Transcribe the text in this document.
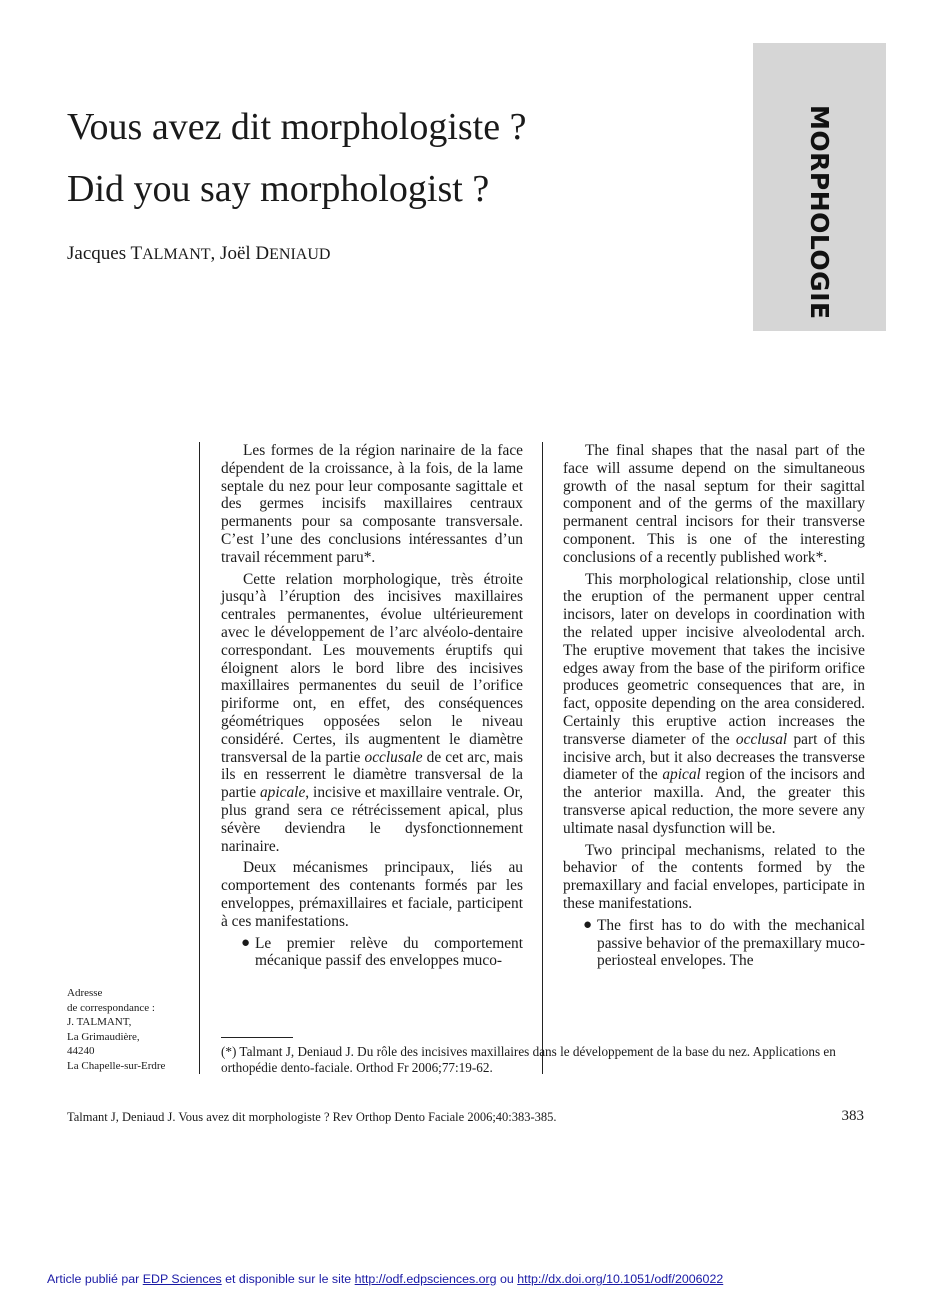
Vous avez dit morphologiste ?
Did you say morphologist ?
Jacques TALMANT, Joël DENIAUD	MORPHOLOGIE

Les formes de la région narinaire de la face dépendent de la croissance, à la fois, de la lame septale du nez pour leur composante sagittale et des germes incisifs maxillaires centraux permanents pour sa composante transversale. C’est l’une des conclusions intéressantes d’un travail récemment paru*.

Cette relation morphologique, très étroite jusqu’à l’éruption des incisives maxillaires centrales permanentes, évolue ultérieurement avec le développement de l’arc alvéolo-dentaire correspondant. Les mouvements éruptifs qui éloignent alors le bord libre des incisives maxillaires permanentes du seuil de l’orifice piriforme ont, en effet, des conséquences géométriques opposées selon le niveau considéré. Certes, ils augmentent le diamètre transversal de la partie occlusale de cet arc, mais ils en resserrent le diamètre transversal de la partie apicale, incisive et maxillaire ventrale. Or, plus grand sera ce rétrécissement apical, plus sévère deviendra le dysfonctionnement narinaire.

Deux mécanismes principaux, liés au comportement des contenants formés par les enveloppes, prémaxillaires et faciale, participent à ces manifestations.

● Le premier relève du comportement mécanique passif des enveloppes muco-

The final shapes that the nasal part of the face will assume depend on the simultaneous growth of the nasal septum for their sagittal component and of the germs of the maxillary permanent central incisors for their transverse component. This is one of the interesting conclusions of a recently published work*.

This morphological relationship, close until the eruption of the permanent upper central incisors, later on develops in coordination with the related upper incisive alveolodental arch. The eruptive movement that takes the incisive edges away from the base of the piriform orifice produces geometric consequences that are, in fact, opposite depending on the area considered. Certainly this eruptive action increases the transverse diameter of the occlusal part of this incisive arch, but it also decreases the transverse diameter of the apical region of the incisors and the anterior maxilla. And, the greater this transverse apical reduction, the more severe any ultimate nasal dysfunction will be.

Two principal mechanisms, related to the behavior of the contents formed by the premaxillary and facial envelopes, participate in these manifestations.

● The first has to do with the mechanical passive behavior of the premaxillary muco-periosteal envelopes. The

Adresse
de correspondance :
J. TALMANT,
La Grimaudière,
44240
La Chapelle-sur-Erdre
(*) Talmant J, Deniaud J. Du rôle des incisives maxillaires dans le développement de la base du nez. Applications en orthopédie dento-faciale. Orthod Fr 2006;77:19-62.
Talmant J, Deniaud J. Vous avez dit morphologiste ? Rev Orthop Dento Faciale 2006;40:383-385.	383
Article publié par EDP Sciences et disponible sur le site http://odf.edpsciences.org ou http://dx.doi.org/10.1051/odf/2006022
